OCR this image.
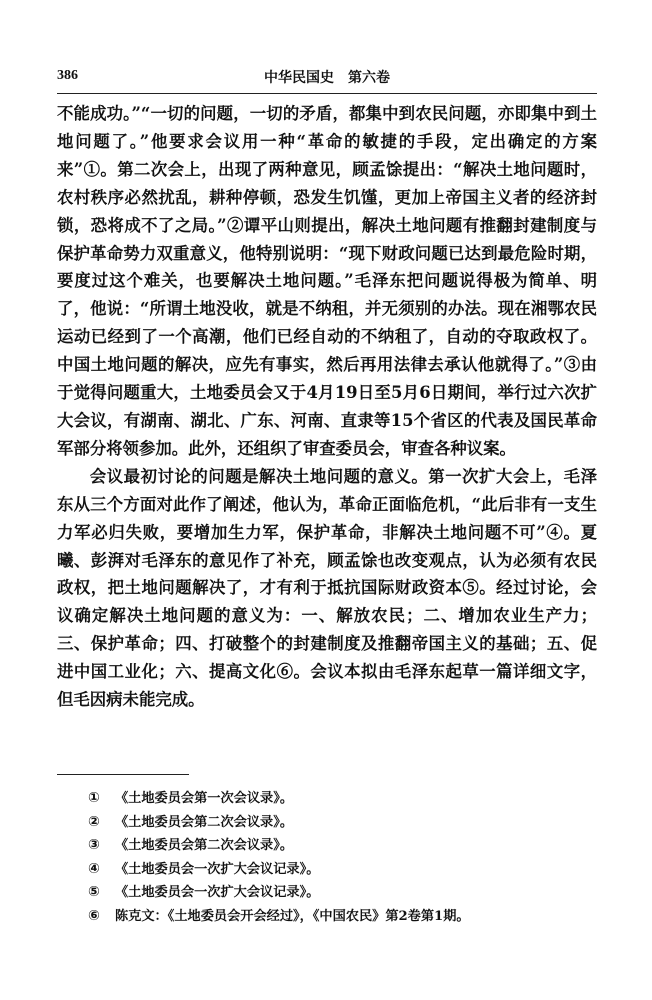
386	中华民国史　第六卷

不能成功。”“一切的问题，一切的矛盾，都集中到农民问题，亦即集中到土地问题了。”他要求会议用一种“革命的敏捷的手段，定出确定的方案来”①。第二次会上，出现了两种意见，顾孟馀提出：“解决土地问题时，农村秩序必然扰乱，耕种停顿，恐发生饥馑，更加上帝国主义者的经济封锁，恐将成不了之局。”②谭平山则提出，解决土地问题有推翻封建制度与保护革命势力双重意义，他特别说明：“现下财政问题已达到最危险时期，要度过这个难关，也要解决土地问题。”毛泽东把问题说得极为简单、明了，他说：“所谓土地没收，就是不纳租，并无须别的办法。现在湘鄂农民运动已经到了一个高潮，他们已经自动的不纳租了，自动的夺取政权了。中国土地问题的解决，应先有事实，然后再用法律去承认他就得了。”③由于觉得问题重大，土地委员会又于4月19日至5月6日期间，举行过六次扩大会议，有湖南、湖北、广东、河南、直隶等15个省区的代表及国民革命军部分将领参加。此外，还组织了审查委员会，审查各种议案。

会议最初讨论的问题是解决土地问题的意义。第一次扩大会上，毛泽东从三个方面对此作了阐述，他认为，革命正面临危机，“此后非有一支生力军必归失败，要增加生力军，保护革命，非解决土地问题不可”④。夏曦、彭湃对毛泽东的意见作了补充，顾孟馀也改变观点，认为必须有农民政权，把土地问题解决了，才有利于抵抗国际财政资本⑤。经过讨论，会议确定解决土地问题的意义为：一、解放农民；二、增加农业生产力；三、保护革命；四、打破整个的封建制度及推翻帝国主义的基础；五、促进中国工业化；六、提高文化⑥。会议本拟由毛泽东起草一篇详细文字，但毛因病未能完成。

① 《土地委员会第一次会议录》。
② 《土地委员会第二次会议录》。
③ 《土地委员会第二次会议录》。
④ 《土地委员会一次扩大会议记录》。
⑤ 《土地委员会一次扩大会议记录》。
⑥ 陈克文：《土地委员会开会经过》，《中国农民》第2卷第1期。
